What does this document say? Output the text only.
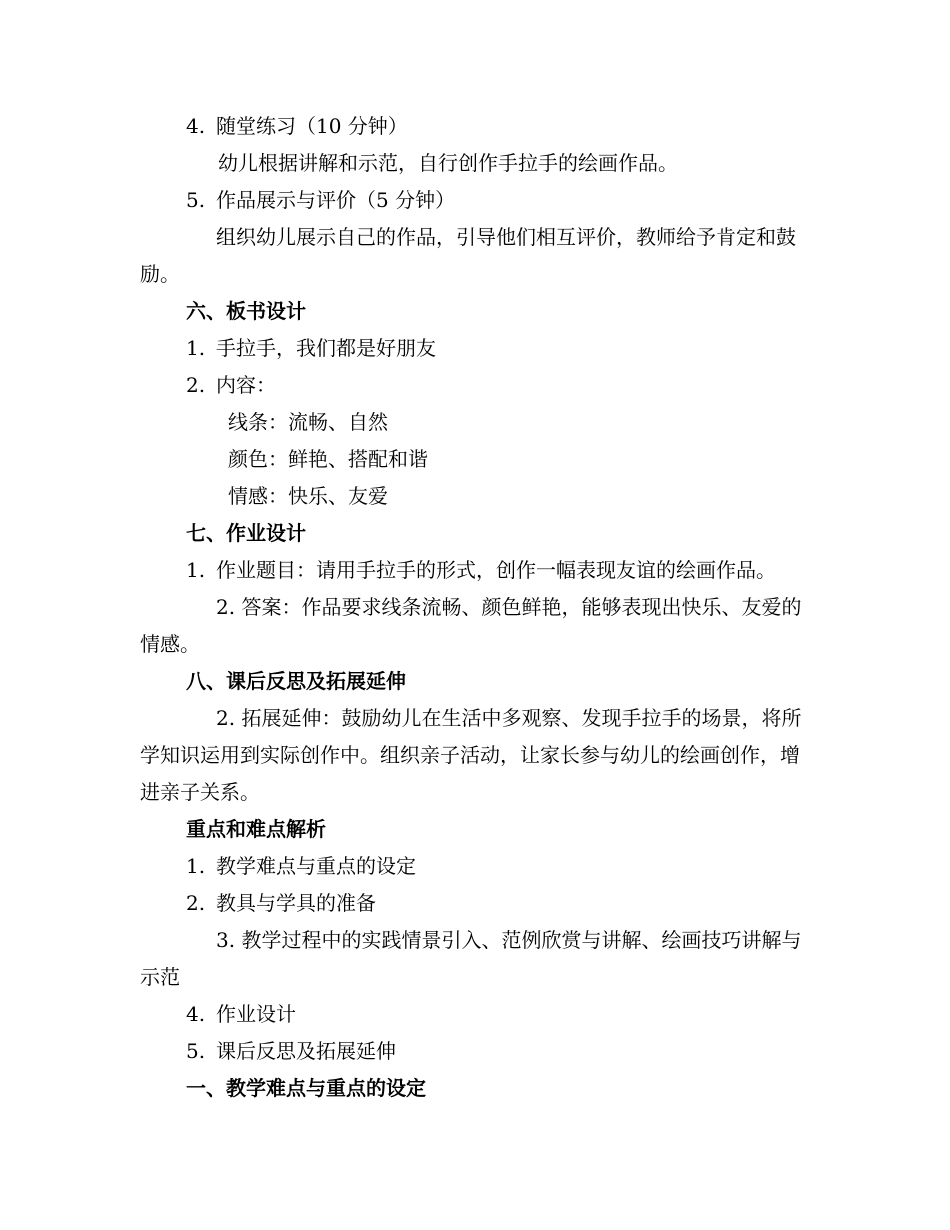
4. 随堂练习（10 分钟）

幼儿根据讲解和示范，自行创作手拉手的绘画作品。

5. 作品展示与评价（5 分钟）

组织幼儿展示自己的作品，引导他们相互评价，教师给予肯定和鼓励。

六、板书设计

1. 手拉手，我们都是好朋友

2. 内容：

线条：流畅、自然

颜色：鲜艳、搭配和谐

情感：快乐、友爱

七、作业设计

1. 作业题目：请用手拉手的形式，创作一幅表现友谊的绘画作品。

2. 答案：作品要求线条流畅、颜色鲜艳，能够表现出快乐、友爱的情感。

八、课后反思及拓展延伸

2. 拓展延伸：鼓励幼儿在生活中多观察、发现手拉手的场景，将所学知识运用到实际创作中。组织亲子活动，让家长参与幼儿的绘画创作，增进亲子关系。

重点和难点解析

1. 教学难点与重点的设定

2. 教具与学具的准备

3. 教学过程中的实践情景引入、范例欣赏与讲解、绘画技巧讲解与示范

4. 作业设计

5. 课后反思及拓展延伸

一、教学难点与重点的设定
